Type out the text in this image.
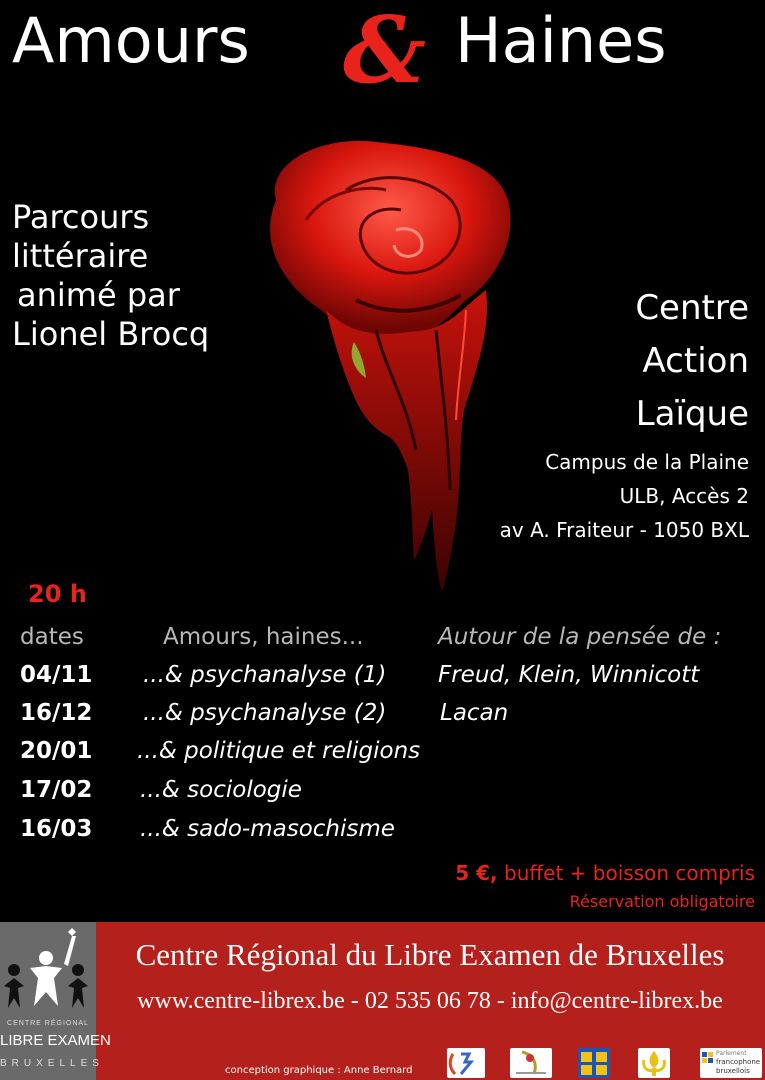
Amours & Haines
Parcours
littéraire
animé par
Lionel Brocq
Centre
Action
Laïque
Campus de la Plaine
ULB, Accès 2
av A. Fraiteur - 1050 BXL
20 h
dates	Amours, haines...	Autour de la pensée de :
04/11 ...& psychanalyse (1) Freud, Klein, Winnicott
16/12 ...& psychanalyse (2) Lacan
20/01 ...& politique et religions
17/02 ...& sociologie
16/03 ...& sado-masochisme
5 €, buffet + boisson compris
Réservation obligatoire
CENTRE RÉGIONAL
LIBRE EXAMEN
BRUXELLES
Centre Régional du Libre Examen de Bruxelles
www.centre-librex.be - 02 535 06 78 - info@centre-librex.be
conception graphique : Anne Bernard
Parlement
francophone
bruxellois
